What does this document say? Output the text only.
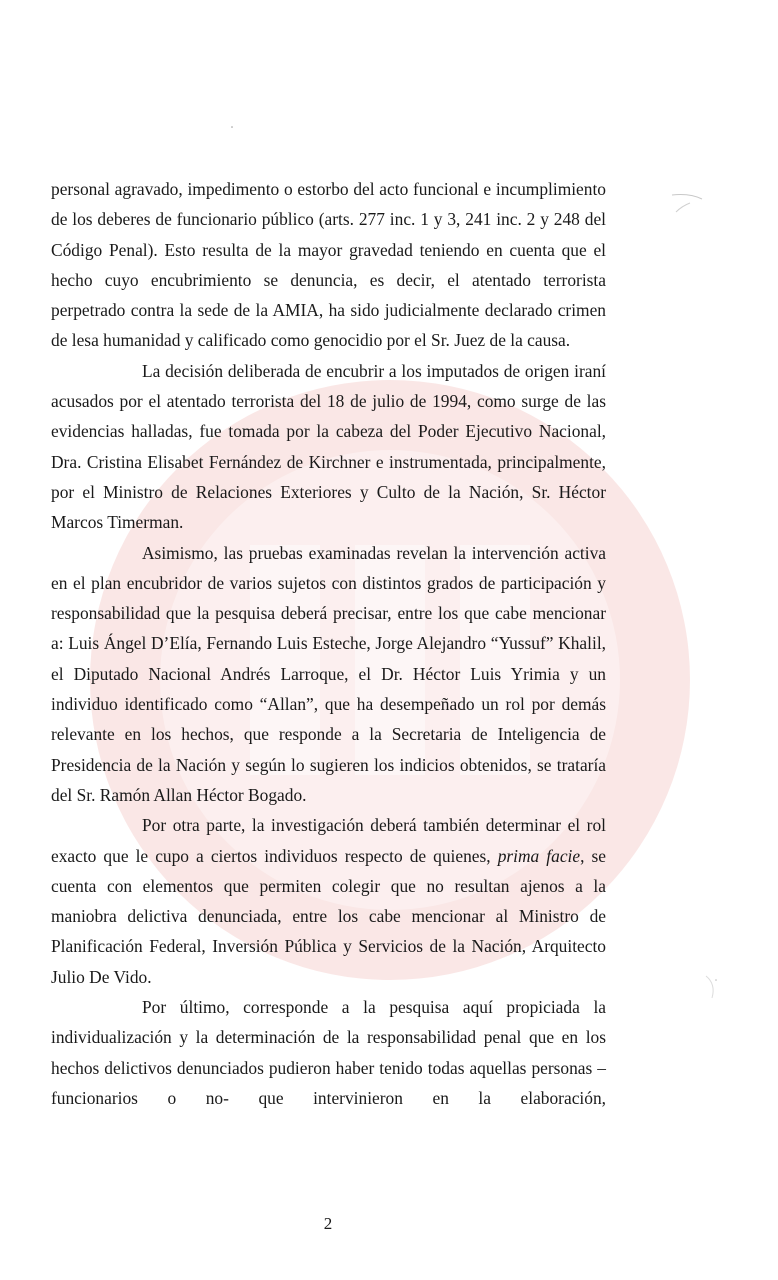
personal agravado, impedimento o estorbo del acto funcional e incumplimiento de los deberes de funcionario público (arts. 277 inc. 1 y 3, 241 inc. 2 y 248 del Código Penal). Esto resulta de la mayor gravedad teniendo en cuenta que el hecho cuyo encubrimiento se denuncia, es decir, el atentado terrorista perpetrado contra la sede de la AMIA, ha sido judicialmente declarado crimen de lesa humanidad y calificado como genocidio por el Sr. Juez de la causa.

La decisión deliberada de encubrir a los imputados de origen iraní acusados por el atentado terrorista del 18 de julio de 1994, como surge de las evidencias halladas, fue tomada por la cabeza del Poder Ejecutivo Nacional, Dra. Cristina Elisabet Fernández de Kirchner e instrumentada, principalmente, por el Ministro de Relaciones Exteriores y Culto de la Nación, Sr. Héctor Marcos Timerman.

Asimismo, las pruebas examinadas revelan la intervención activa en el plan encubridor de varios sujetos con distintos grados de participación y responsabilidad que la pesquisa deberá precisar, entre los que cabe mencionar a: Luis Ángel D’Elía, Fernando Luis Esteche, Jorge Alejandro “Yussuf” Khalil, el Diputado Nacional Andrés Larroque, el Dr. Héctor Luis Yrimia y un individuo identificado como “Allan”, que ha desempeñado un rol por demás relevante en los hechos, que responde a la Secretaria de Inteligencia de Presidencia de la Nación y según lo sugieren los indicios obtenidos, se trataría del Sr. Ramón Allan Héctor Bogado.

Por otra parte, la investigación deberá también determinar el rol exacto que le cupo a ciertos individuos respecto de quienes, prima facie, se cuenta con elementos que permiten colegir que no resultan ajenos a la maniobra delictiva denunciada, entre los cabe mencionar al Ministro de Planificación Federal, Inversión Pública y Servicios de la Nación, Arquitecto Julio De Vido.

Por último, corresponde a la pesquisa aquí propiciada la individualización y la determinación de la responsabilidad penal que en los hechos delictivos denunciados pudieron haber tenido todas aquellas personas –funcionarios o no- que intervinieron en la elaboración,

2
